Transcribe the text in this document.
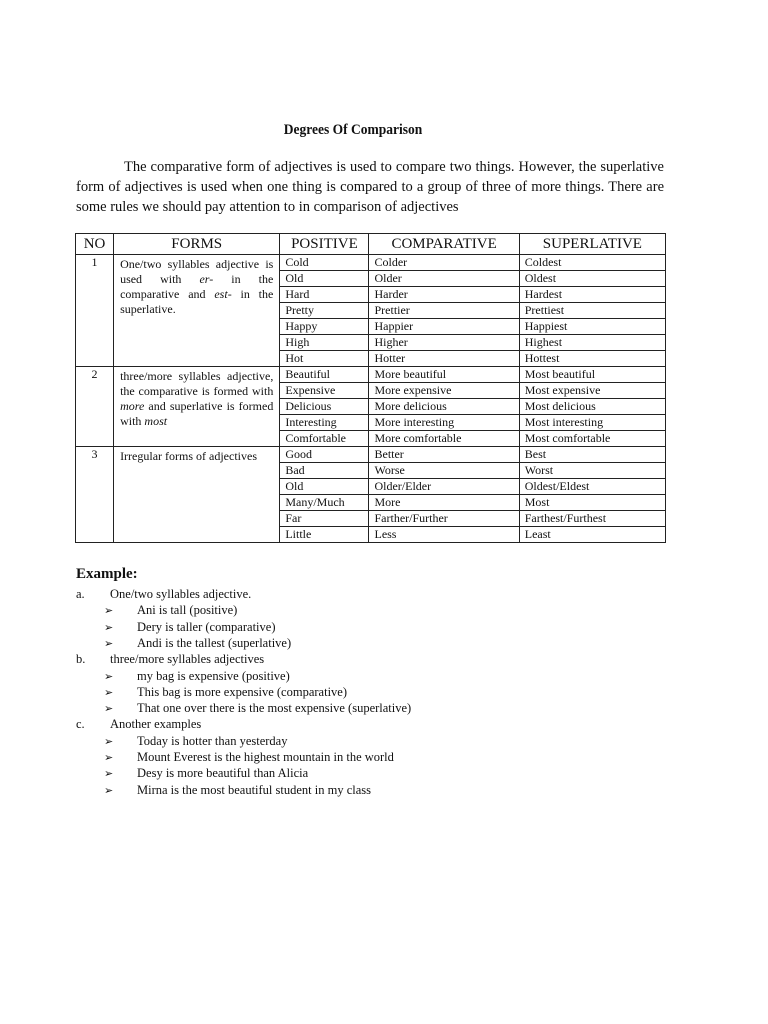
Degrees Of Comparison
The comparative form of adjectives is used to compare two things. However, the superlative form of adjectives is used when one thing is compared to a group of three of more things. There are some rules we should pay attention to in comparison of adjectives
NO	FORMS	POSITIVE	COMPARATIVE	SUPERLATIVE
1	One/two syllables adjective is used with er- in the comparative and est- in the superlative.	Cold	Colder	Coldest
		Old	Older	Oldest
		Hard	Harder	Hardest
		Pretty	Prettier	Prettiest
		Happy	Happier	Happiest
		High	Higher	Highest
		Hot	Hotter	Hottest
2	three/more syllables adjective, the comparative is formed with more and superlative is formed with most	Beautiful	More beautiful	Most beautiful
		Expensive	More expensive	Most expensive
		Delicious	More delicious	Most delicious
		Interesting	More interesting	Most interesting
		Comfortable	More comfortable	Most comfortable
3	Irregular forms of adjectives	Good	Better	Best
		Bad	Worse	Worst
		Old	Older/Elder	Oldest/Eldest
		Many/Much	More	Most
		Far	Farther/Further	Farthest/Furthest
		Little	Less	Least
Example:
a. One/two syllables adjective.
➢ Ani is tall (positive)
➢ Dery is taller (comparative)
➢ Andi is the tallest (superlative)
b. three/more syllables adjectives
➢ my bag is expensive (positive)
➢ This bag is more expensive (comparative)
➢ That one over there is the most expensive (superlative)
c. Another examples
➢ Today is hotter than yesterday
➢ Mount Everest is the highest mountain in the world
➢ Desy is more beautiful than Alicia
➢ Mirna is the most beautiful student in my class
